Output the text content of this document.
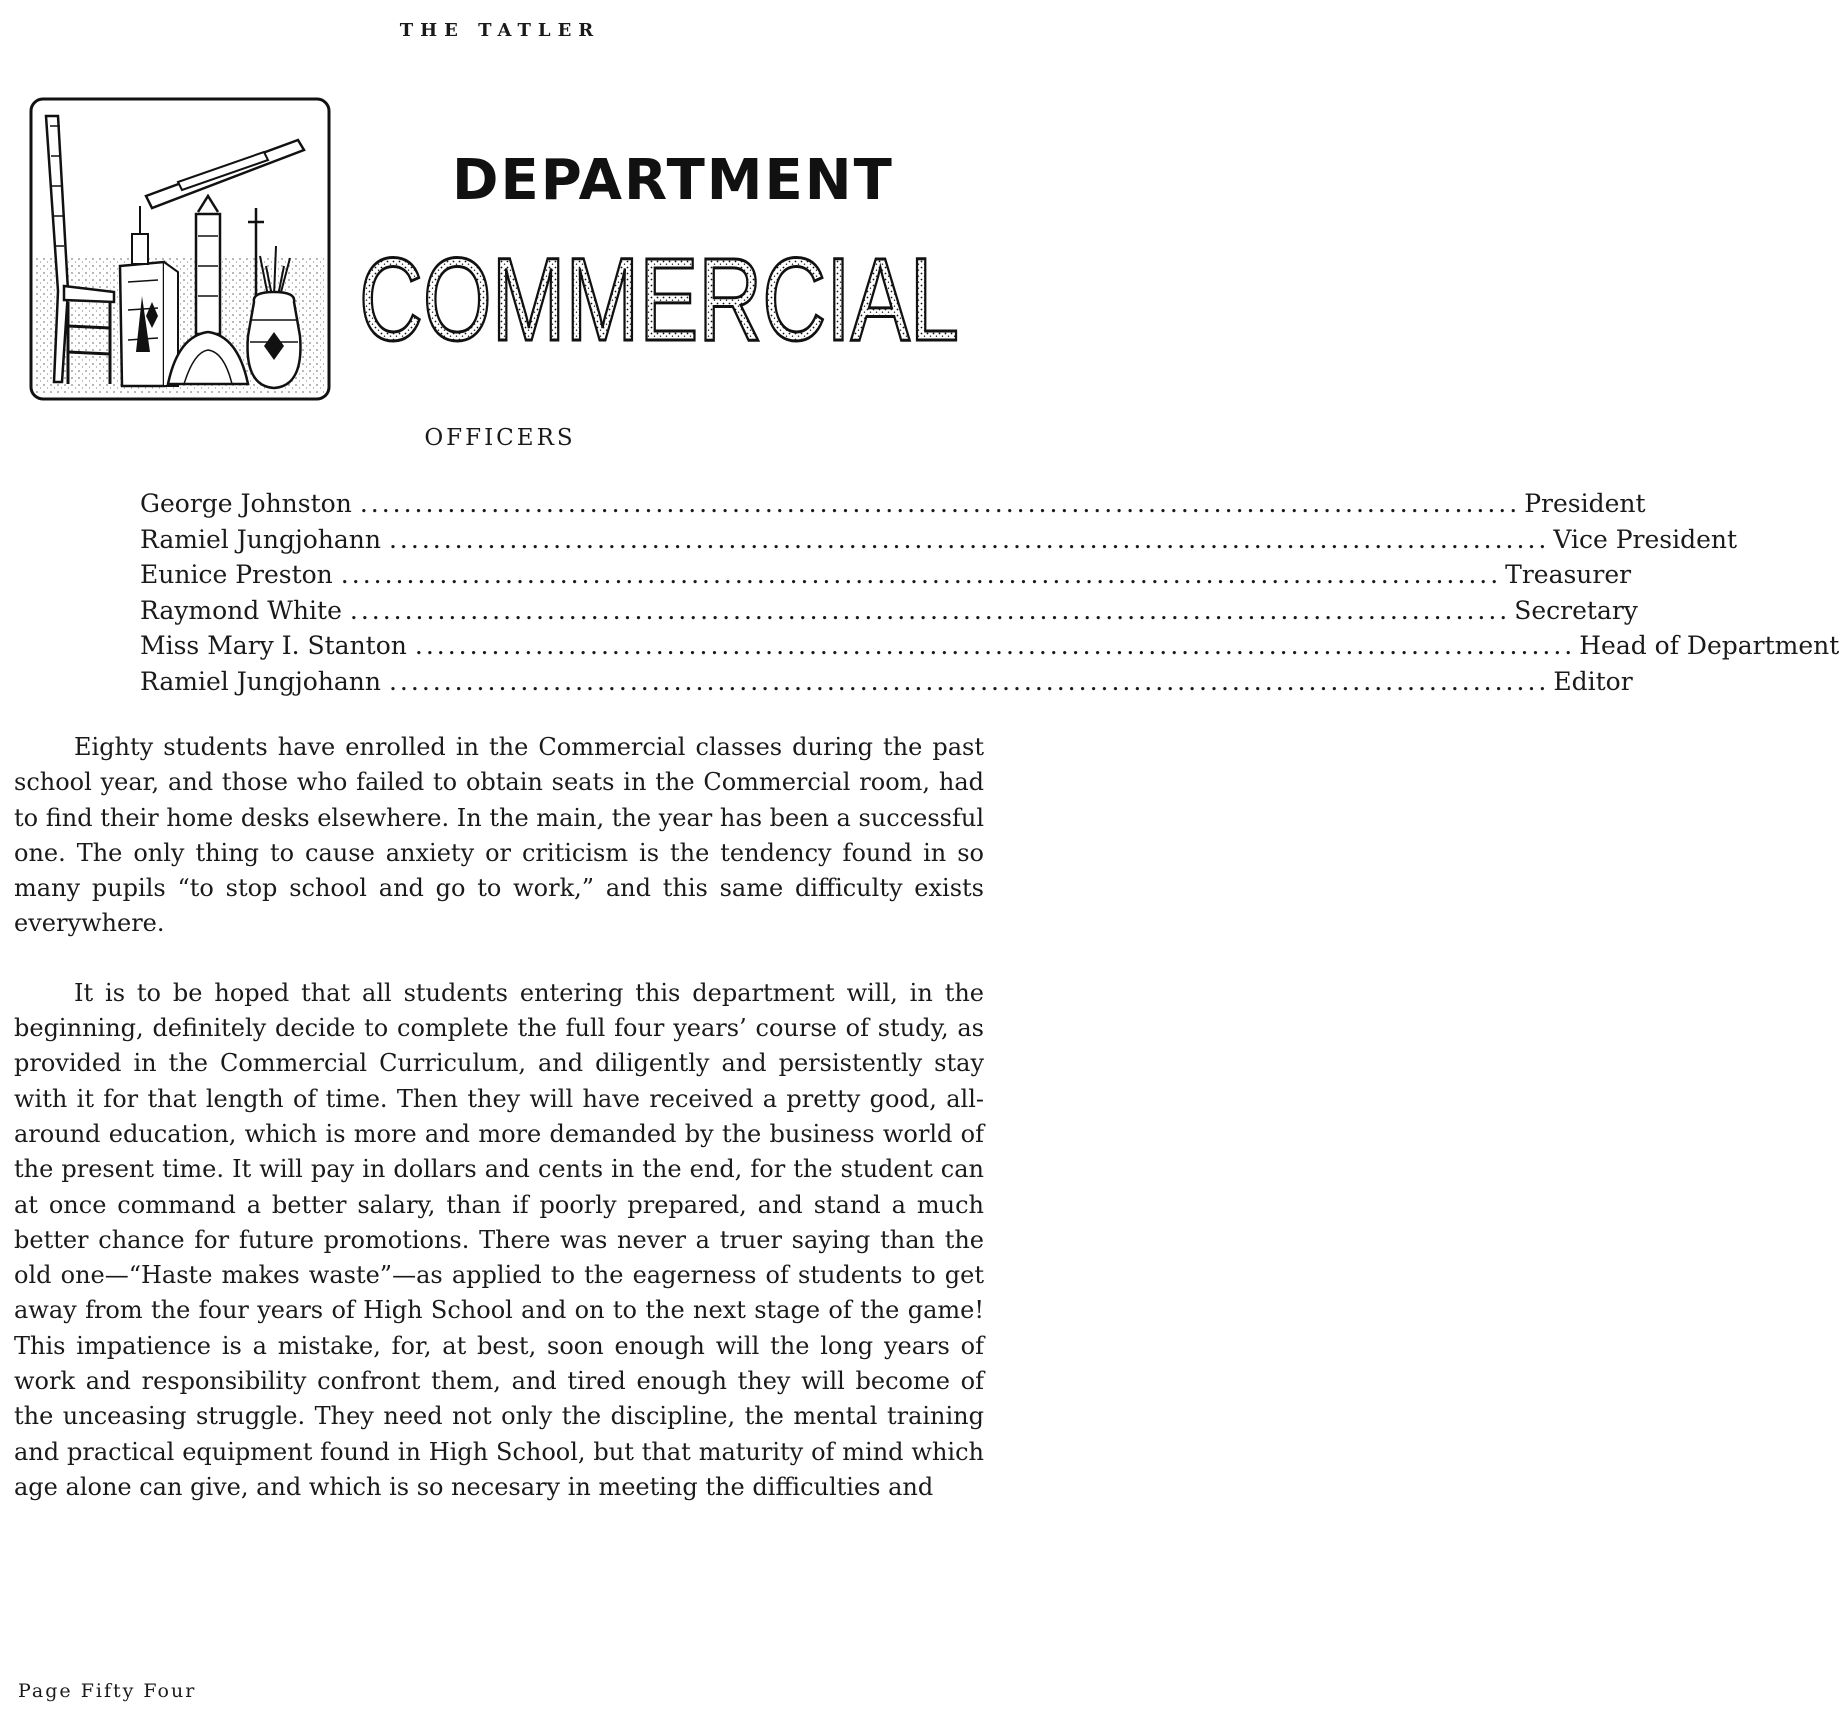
THE TATLER
DEPARTMENT
COMMERCIAL
OFFICERS
George Johnston .......................................................................................................... President
Ramiel Jungjohann .......................................................................................................... Vice President
Eunice Preston .......................................................................................................... Treasurer
Raymond White .......................................................................................................... Secretary
Miss Mary I. Stanton .......................................................................................................... Head of Department
Ramiel Jungjohann .......................................................................................................... Editor

Eighty students have enrolled in the Commercial classes during the past school year, and those who failed to obtain seats in the Commercial room, had to find their home desks elsewhere. In the main, the year has been a successful one. The only thing to cause anxiety or criticism is the tendency found in so many pupils “to stop school and go to work,” and this same difficulty exists everywhere.

It is to be hoped that all students entering this department will, in the beginning, definitely decide to complete the full four years’ course of study, as provided in the Commercial Curriculum, and diligently and persistently stay with it for that length of time. Then they will have received a pretty good, all-around education, which is more and more demanded by the business world of the present time. It will pay in dollars and cents in the end, for the student can at once command a better salary, than if poorly prepared, and stand a much better chance for future promotions. There was never a truer saying than the old one—“Haste makes waste”—as applied to the eagerness of students to get away from the four years of High School and on to the next stage of the game! This impatience is a mistake, for, at best, soon enough will the long years of work and responsibility confront them, and tired enough they will become of the unceasing struggle. They need not only the discipline, the mental training and practical equipment found in High School, but that maturity of mind which age alone can give, and which is so necesary in meeting the difficulties and

Page Fifty Four
